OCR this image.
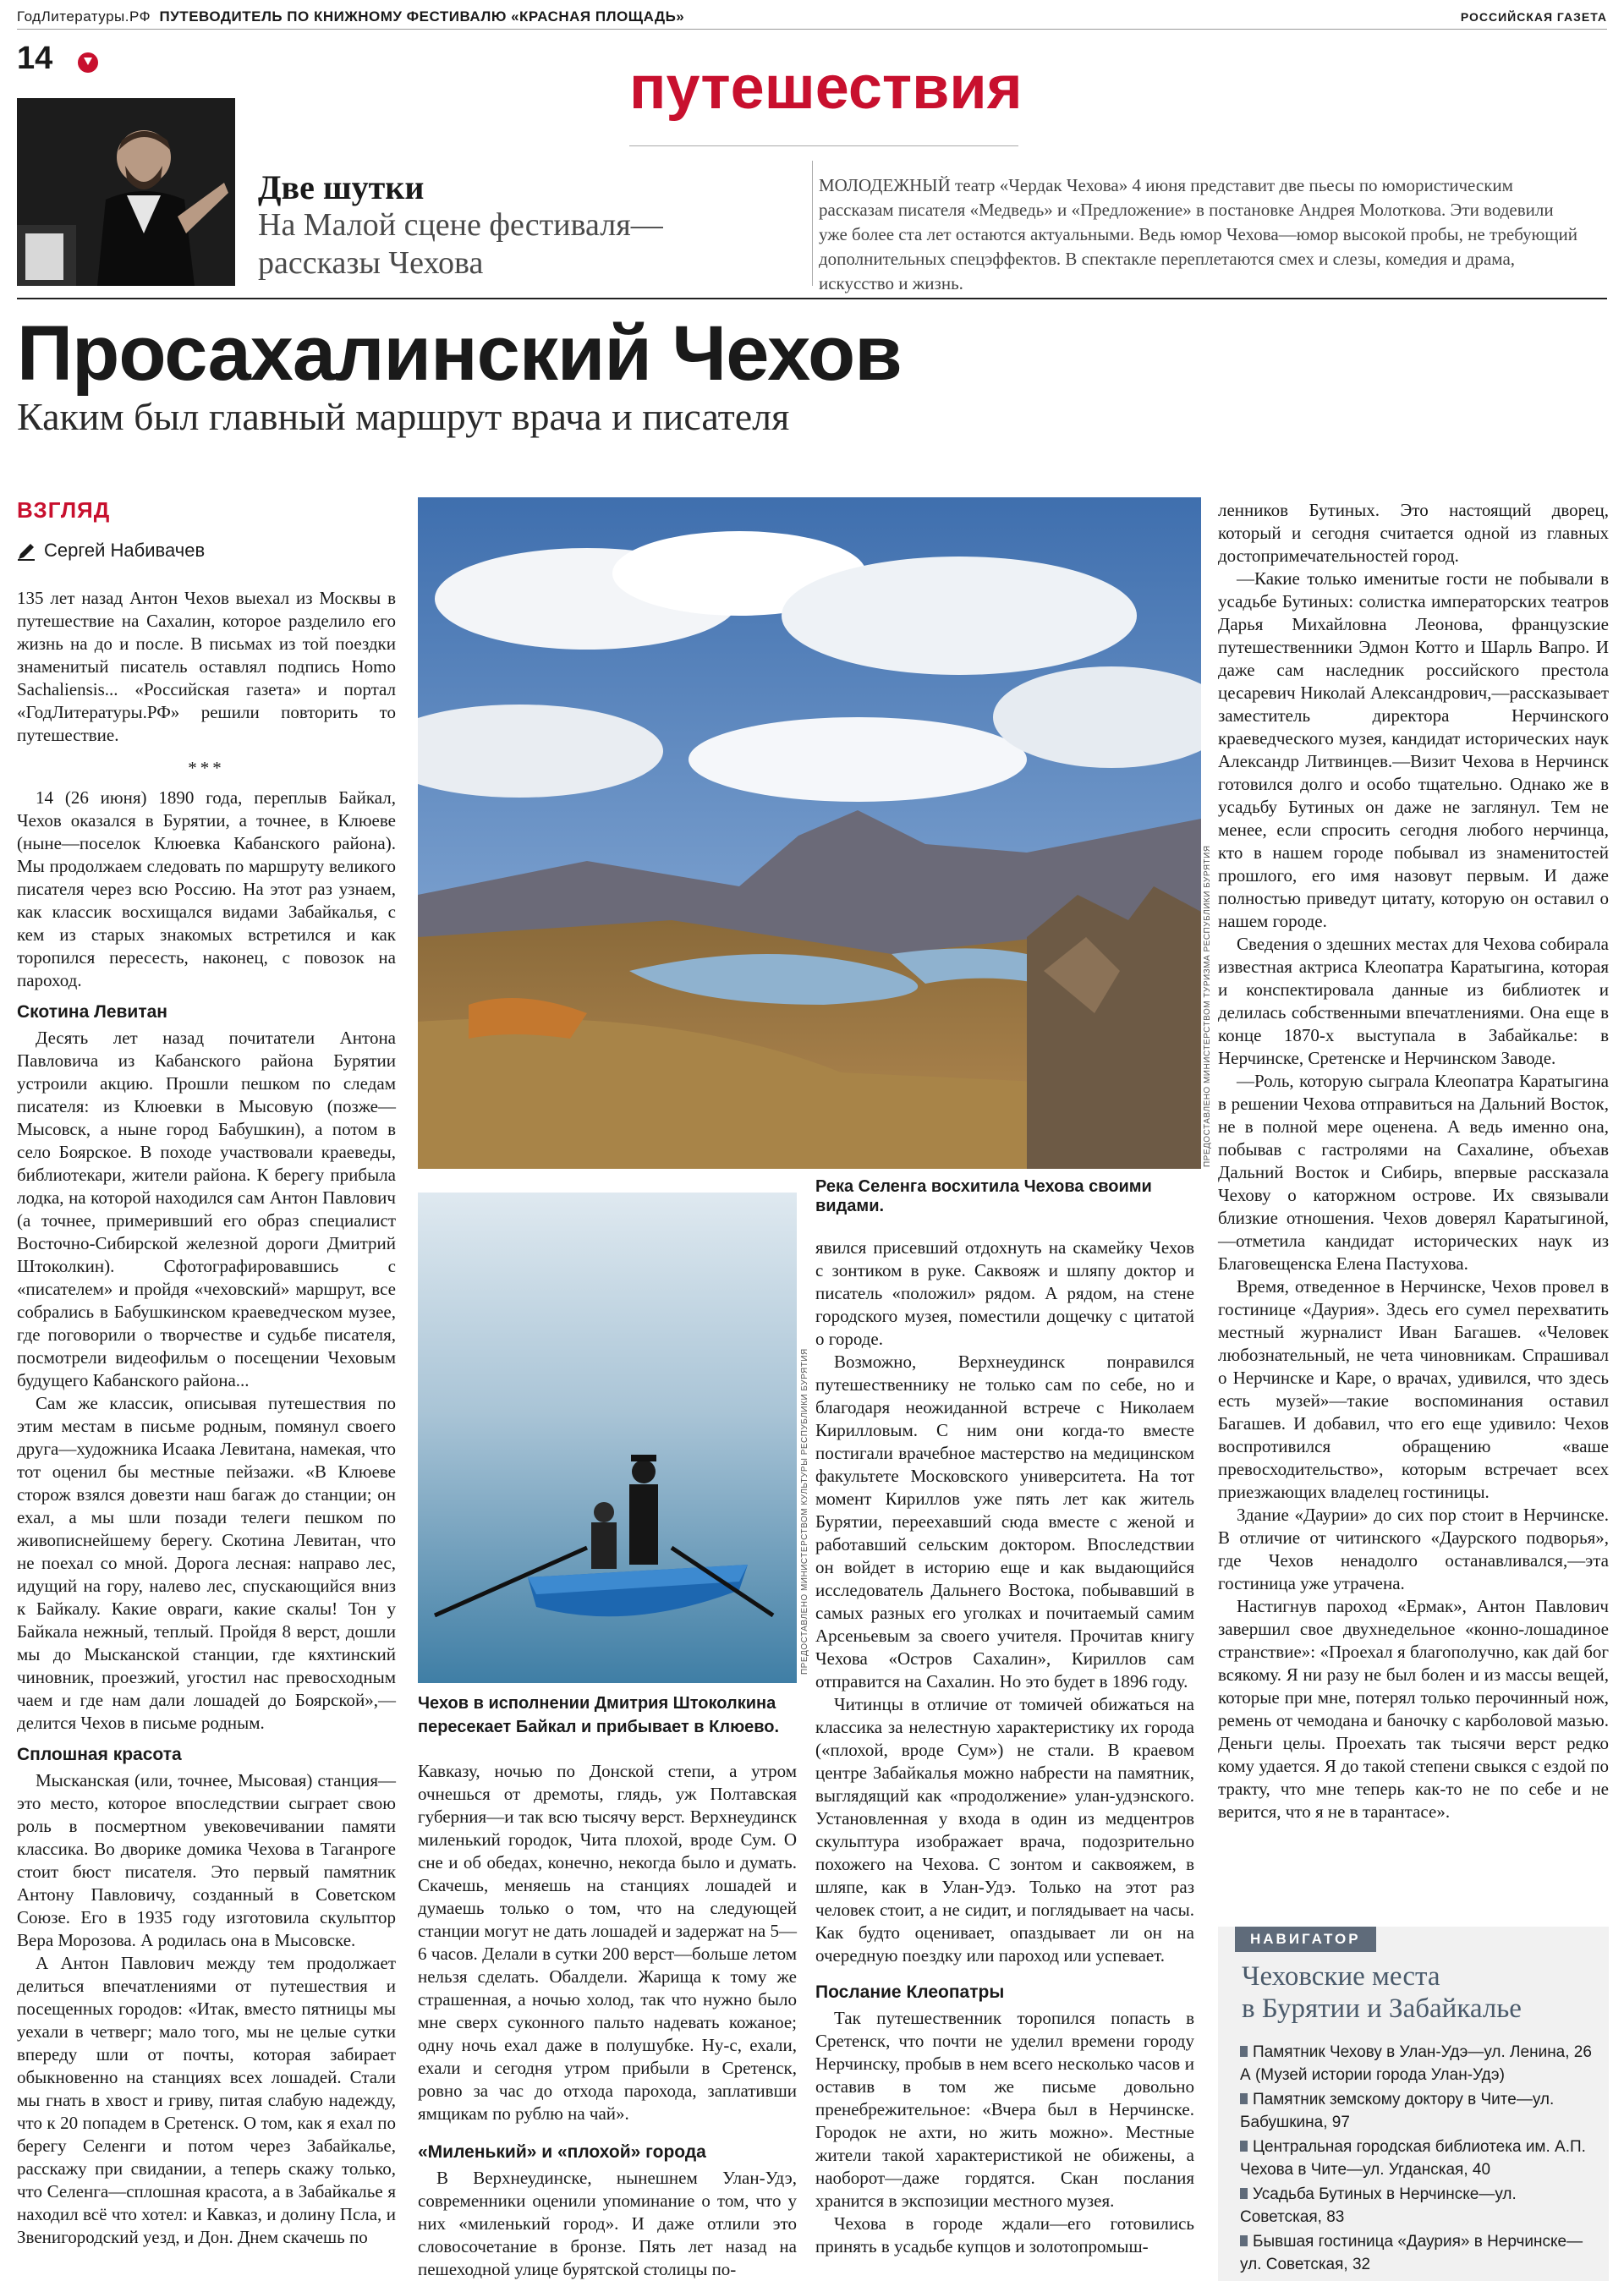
ГодЛитературы.РФ ПУТЕВОДИТЕЛЬ ПО КНИЖНОМУ ФЕСТИВАЛЮ «КРАСНАЯ ПЛОЩАДЬ»	РОССИЙСКАЯ ГАЗЕТА
14	путешествия
Две шутки
На Малой сцене фестиваля—
рассказы Чехова
МОЛОДЕЖНЫЙ театр «Чердак Чехова» 4 июня представит две пьесы по юмористическим рассказам писателя «Медведь» и «Предложение» в постановке Андрея Молоткова. Эти водевили уже более ста лет остаются актуальными. Ведь юмор Чехова—юмор высокой пробы, не требующий дополнительных спецэффектов. В спектакле переплетаются смех и слезы, комедия и драма, искусство и жизнь.
Просахалинский Чехов
Каким был главный маршрут врача и писателя
ВЗГЛЯД
Сергей Набивачев

135 лет назад Антон Чехов выехал из Москвы в путешествие на Сахалин, которое разделило его жизнь на до и после. В письмах из той поездки знаменитый писатель оставлял подпись Homo Sachaliensis... «Российская газета» и портал «ГодЛитературы.РФ» решили повторить то путешествие.

***

14 (26 июня) 1890 года, переплыв Байкал, Чехов оказался в Бурятии, а точнее, в Клюеве (ныне—поселок Клюевка Кабанского района). Мы продолжаем следовать по маршруту великого писателя через всю Россию. На этот раз узнаем, как классик восхищался видами Забайкалья, с кем из старых знакомых встретился и как торопился пересесть, наконец, с повозок на пароход.

Скотина Левитан

Десять лет назад почитатели Антона Павловича из Кабанского района Бурятии устроили акцию. Прошли пешком по следам писателя: из Клюевки в Мысовую (позже—Мысовск, а ныне город Бабушкин), а потом в село Боярское. В походе участвовали краеведы, библиотекари, жители района. К берегу прибыла лодка, на которой находился сам Антон Павлович (а точнее, примеривший его образ специалист Восточно-Сибирской железной дороги Дмитрий Штоколкин). Сфотографировавшись с «писателем» и пройдя «чеховский» маршрут, все собрались в Бабушкинском краеведческом музее, где поговорили о творчестве и судьбе писателя, посмотрели видеофильм о посещении Чеховым будущего Кабанского района...

Сам же классик, описывая путешествия по этим местам в письме родным, помянул своего друга—художника Исаака Левитана, намекая, что тот оценил бы местные пейзажи. «В Клюеве сторож взялся довезти наш багаж до станции; он ехал, а мы шли позади телеги пешком по живописнейшему берегу. Скотина Левитан, что не поехал со мной. Дорога лесная: направо лес, идущий на гору, налево лес, спускающийся вниз к Байкалу. Какие овраги, какие скалы! Тон у Байкала нежный, теплый. Пройдя 8 верст, дошли мы до Мысканской станции, где кяхтинский чиновник, проезжий, угостил нас превосходным чаем и где нам дали лошадей до Боярской»,—делится Чехов в письме родным.

Сплошная красота

Мысканская (или, точнее, Мысовая) станция—это место, которое впоследствии сыграет свою роль в посмертном увековечивании памяти классика. Во дворике домика Чехова в Таганроге стоит бюст писателя. Это первый памятник Антону Павловичу, созданный в Советском Союзе. Его в 1935 году изготовила скульптор Вера Морозова. А родилась она в Мысовске.

А Антон Павлович между тем продолжает делиться впечатлениями от путешествия и посещенных городов: «Итак, вместо пятницы мы уехали в четверг; мало того, мы не целые сутки впереду шли от почты, которая забирает обыкновенно на станциях всех лошадей. Стали мы гнать в хвост и гриву, питая слабую надежду, что к 20 попадем в Сретенск. О том, как я ехал по берегу Селенги и потом через Забайкалье, расскажу при свидании, а теперь скажу только, что Селенга—сплошная красота, а в Забайкалье я находил всё что хотел: и Кавказ, и долину Псла, и Звенигородский уезд, и Дон. Днем скачешь по

Река Селенга восхитила Чехова своими видами.
ПРЕДОСТАВЛЕНО МИНИСТЕРСТВОМ ТУРИЗМА РЕСПУБЛИКИ БУРЯТИЯ
ПРЕДОСТАВЛЕНО МИНИСТЕРСТВОМ КУЛЬТУРЫ РЕСПУБЛИКИ БУРЯТИЯ
Чехов в исполнении Дмитрия Штоколкина
пересекает Байкал и прибывает в Клюево.

Кавказу, ночью по Донской степи, а утром очнешься от дремоты, глядь, уж Полтавская губерния—и так всю тысячу верст. Верхнеудинск миленький городок, Чита плохой, вроде Сум. О сне и об обедах, конечно, некогда было и думать. Скачешь, меняешь на станциях лошадей и думаешь только о том, что на следующей станции могут не дать лошадей и задержат на 5—6 часов. Делали в сутки 200 верст—больше летом нельзя сделать. Обалдели. Жарища к тому же страшенная, а ночью холод, так что нужно было мне сверх суконного пальто надевать кожаное; одну ночь ехал даже в полушубке. Ну-с, ехали, ехали и сегодня утром прибыли в Сретенск, ровно за час до отхода парохода, заплативши ямщикам по рублю на чай».

«Миленький» и «плохой» города

В Верхнеудинске, нынешнем Улан-Удэ, современники оценили упоминание о том, что у них «миленький город». И даже отлили это словосочетание в бронзе. Пять лет назад на пешеходной улице бурятской столицы по-

явился присевший отдохнуть на скамейку Чехов с зонтиком в руке. Саквояж и шляпу доктор и писатель «положил» рядом. А рядом, на стене городского музея, поместили дощечку с цитатой о городе.

Возможно, Верхнеудинск понравился путешественнику не только сам по себе, но и благодаря неожиданной встрече с Николаем Кирилловым. С ним они когда-то вместе постигали врачебное мастерство на медицинском факультете Московского университета. На тот момент Кириллов уже пять лет как житель Бурятии, переехавший сюда вместе с женой и работавший сельским доктором. Впоследствии он войдет в историю еще и как выдающийся исследователь Дальнего Востока, побывавший в самых разных его уголках и почитаемый самим Арсеньевым за своего учителя. Прочитав книгу Чехова «Остров Сахалин», Кириллов сам отправится на Сахалин. Но это будет в 1896 году.

Читинцы в отличие от томичей обижаться на классика за нелестную характеристику их города («плохой, вроде Сум») не стали. В краевом центре Забайкалья можно набрести на памятник, выглядящий как «продолжение» улан-удэнского. Установленная у входа в один из медцентров скульптура изображает врача, подозрительно похожего на Чехова. С зонтом и саквояжем, в шляпе, как в Улан-Удэ. Только на этот раз человек стоит, а не сидит, и поглядывает на часы. Как будто оценивает, опаздывает ли он на очередную поездку или пароход или успевает.

Послание Клеопатры

Так путешественник торопился попасть в Сретенск, что почти не уделил времени городу Нерчинску, пробыв в нем всего несколько часов и оставив в том же письме довольно пренебрежительное: «Вчера был в Нерчинске. Городок не ахти, но жить можно». Местные жители такой характеристикой не обижены, а наоборот—даже гордятся. Скан послания хранится в экспозиции местного музея.

Чехова в городе ждали—его готовились принять в усадьбе купцов и золотопромыш-

ленников Бутиных. Это настоящий дворец, который и сегодня считается одной из главных достопримечательностей город.

—Какие только именитые гости не побывали в усадьбе Бутиных: солистка императорских театров Дарья Михайловна Леонова, французские путешественники Эдмон Котто и Шарль Вапро. И даже сам наследник российского престола цесаревич Николай Александрович,—рассказывает заместитель директора Нерчинского краеведческого музея, кандидат исторических наук Александр Литвинцев.—Визит Чехова в Нерчинск готовился долго и особо тщательно. Однако же в усадьбу Бутиных он даже не заглянул. Тем не менее, если спросить сегодня любого нерчинца, кто в нашем городе побывал из знаменитостей прошлого, его имя назовут первым. И даже полностью приведут цитату, которую он оставил о нашем городе.

Сведения о здешних местах для Чехова собирала известная актриса Клеопатра Каратыгина, которая и конспектировала данные из библиотек и делилась собственными впечатлениями. Она еще в конце 1870-х выступала в Забайкалье: в Нерчинске, Сретенске и Нерчинском Заводе.

—Роль, которую сыграла Клеопатра Каратыгина в решении Чехова отправиться на Дальний Восток, не в полной мере оценена. А ведь именно она, побывав с гастролями на Сахалине, объехав Дальний Восток и Сибирь, впервые рассказала Чехову о каторжном острове. Их связывали близкие отношения. Чехов доверял Каратыгиной,—отметила кандидат исторических наук из Благовещенска Елена Пастухова.

Время, отведенное в Нерчинске, Чехов провел в гостинице «Даурия». Здесь его сумел перехватить местный журналист Иван Багашев. «Человек любознательный, не чета чиновникам. Спрашивал о Нерчинске и Каре, о врачах, удивился, что здесь есть музей»—такие воспоминания оставил Багашев. И добавил, что его еще удивило: Чехов воспротивился обращению «ваше превосходительство», которым встречает всех приезжающих владелец гостиницы.

Здание «Даурии» до сих пор стоит в Нерчинске. В отличие от читинского «Даурского подворья», где Чехов ненадолго останавливался,—эта гостиница уже утрачена.

Настигнув пароход «Ермак», Антон Павлович завершил свое двухнедельное «конно-лошадиное странствие»: «Проехал я благополучно, как дай бог всякому. Я ни разу не был болен и из массы вещей, которые при мне, потерял только перочинный нож, ремень от чемодана и баночку с карболовой мазью. Деньги целы. Проехать так тысячи верст редко кому удается. Я до такой степени свыкся с ездой по тракту, что мне теперь как-то не по себе и не верится, что я не в тарантасе».

НАВИГАТОР
Чеховские места
в Бурятии и Забайкалье
Памятник Чехову в Улан-Удэ—ул. Ленина, 26 А (Музей истории города Улан-Удэ)
Памятник земскому доктору в Чите—ул. Бабушкина, 97
Центральная городская библиотека им. А.П. Чехова в Чите—ул. Угданская, 40
Усадьба Бутиных в Нерчинске—ул. Советская, 83
Бывшая гостиница «Даурия» в Нерчинске—ул. Советская, 32
